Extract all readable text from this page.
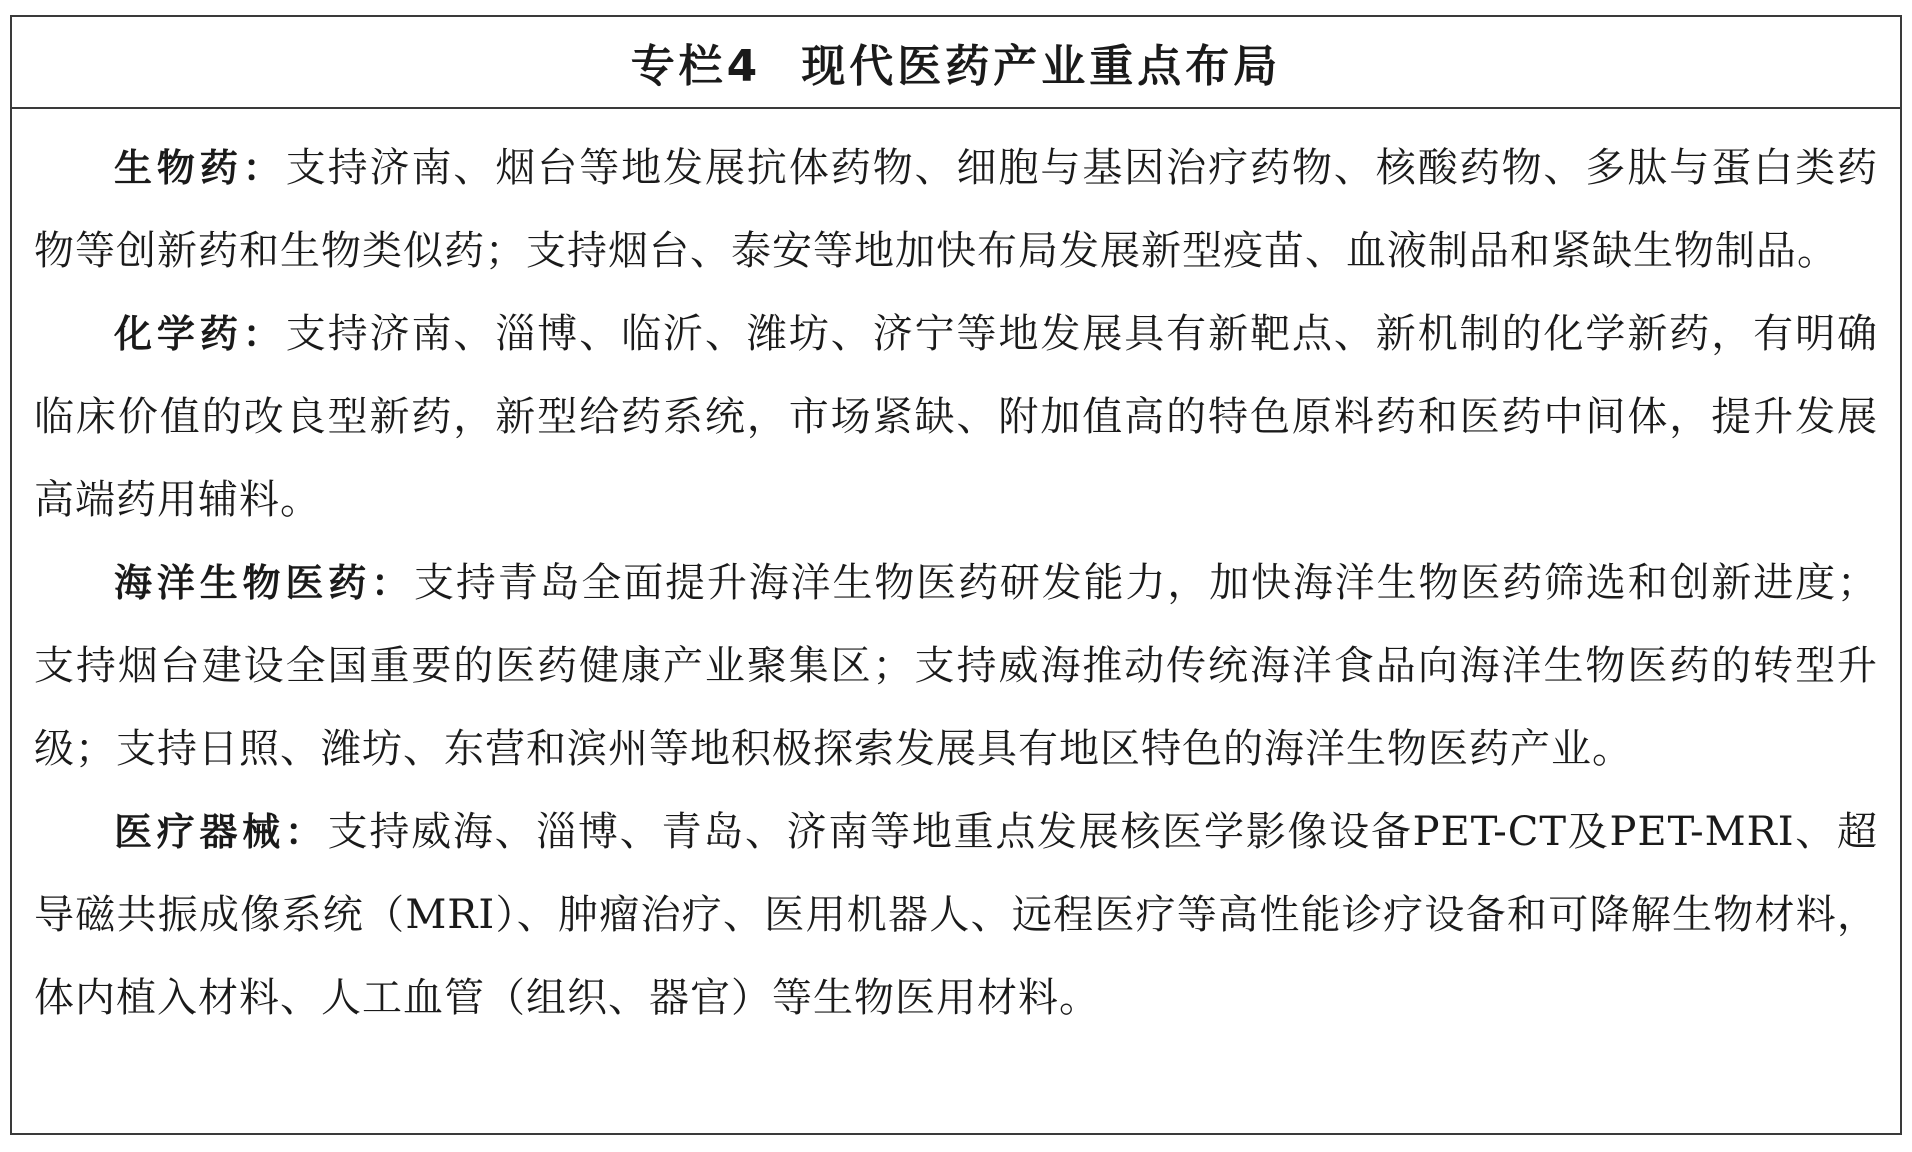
专栏4 现代医药产业重点布局

生物药：支持济南、烟台等地发展抗体药物、细胞与基因治疗药物、核酸药物、多肽与蛋白类药物等创新药和生物类似药；支持烟台、泰安等地加快布局发展新型疫苗、血液制品和紧缺生物制品。

化学药：支持济南、淄博、临沂、潍坊、济宁等地发展具有新靶点、新机制的化学新药，有明确临床价值的改良型新药，新型给药系统，市场紧缺、附加值高的特色原料药和医药中间体，提升发展高端药用辅料。

海洋生物医药：支持青岛全面提升海洋生物医药研发能力，加快海洋生物医药筛选和创新进度；支持烟台建设全国重要的医药健康产业聚集区；支持威海推动传统海洋食品向海洋生物医药的转型升级；支持日照、潍坊、东营和滨州等地积极探索发展具有地区特色的海洋生物医药产业。

医疗器械：支持威海、淄博、青岛、济南等地重点发展核医学影像设备PET-CT及PET-MRI、超导磁共振成像系统（MRI）、肿瘤治疗、医用机器人、远程医疗等高性能诊疗设备和可降解生物材料，体内植入材料、人工血管（组织、器官）等生物医用材料。
